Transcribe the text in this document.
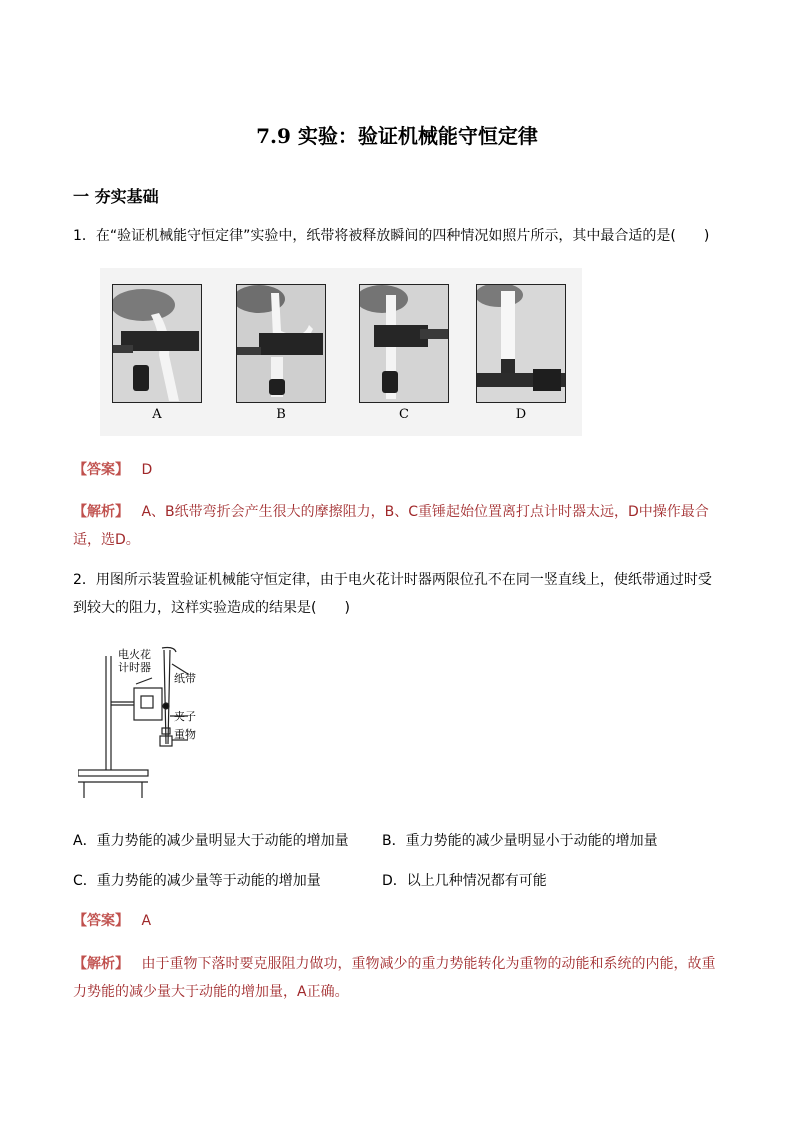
7.9 实验：验证机械能守恒定律
一 夯实基础
1．在“验证机械能守恒定律”实验中，纸带将被释放瞬间的四种情况如照片所示，其中最合适的是(　　)
A	B	C	D
【答案】 D
【解析】 A、B纸带弯折会产生很大的摩擦阻力，B、C重锤起始位置离打点计时器太远，D中操作最合适，选D。
2．用图所示装置验证机械能守恒定律，由于电火花计时器两限位孔不在同一竖直线上，使纸带通过时受到较大的阻力，这样实验造成的结果是(　　)
电火花
计时器
纸带
夹子
重物
A．重力势能的减少量明显大于动能的增加量 B．重力势能的减少量明显小于动能的增加量
C．重力势能的减少量等于动能的增加量	D．以上几种情况都有可能
【答案】 A
【解析】 由于重物下落时要克服阻力做功，重物减少的重力势能转化为重物的动能和系统的内能，故重力势能的减少量大于动能的增加量，A正确。
